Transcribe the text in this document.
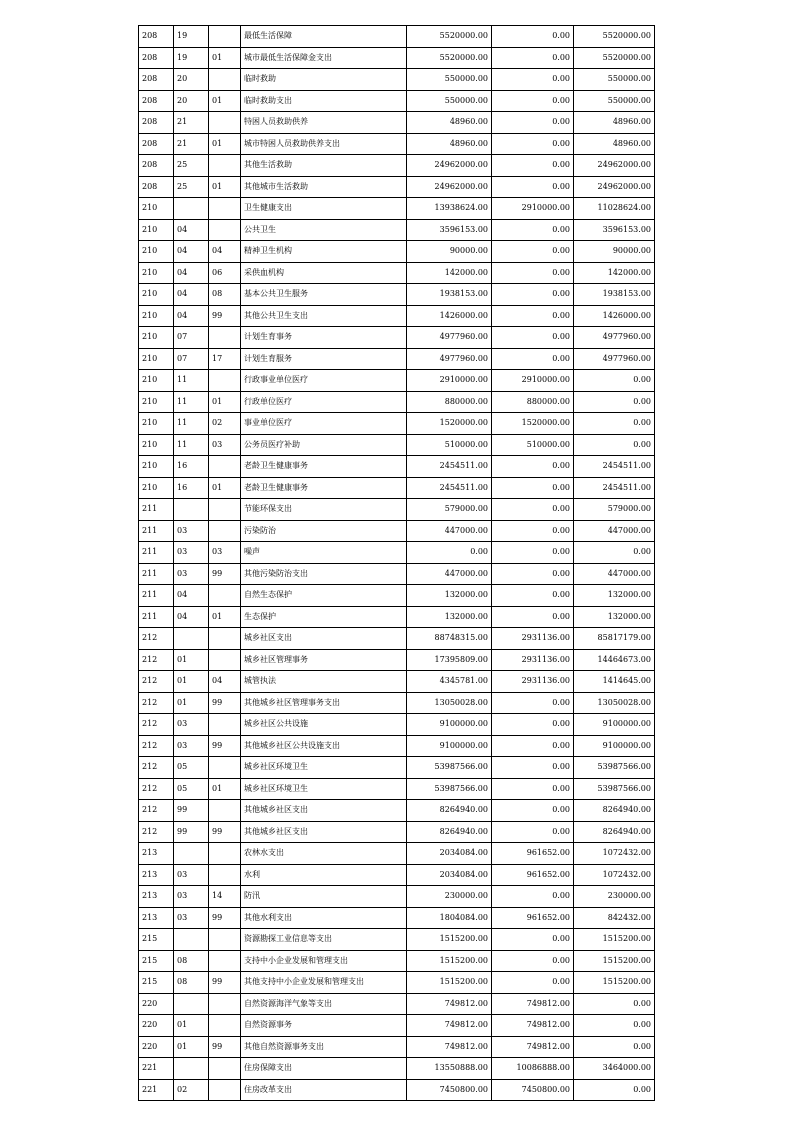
208	19		最低生活保障	5520000.00	0.00	5520000.00
208	19	01	城市最低生活保障金支出	5520000.00	0.00	5520000.00
208	20		临时救助	550000.00	0.00	550000.00
208	20	01	临时救助支出	550000.00	0.00	550000.00
208	21		特困人员救助供养	48960.00	0.00	48960.00
208	21	01	城市特困人员救助供养支出	48960.00	0.00	48960.00
208	25		其他生活救助	24962000.00	0.00	24962000.00
208	25	01	其他城市生活救助	24962000.00	0.00	24962000.00
210			卫生健康支出	13938624.00	2910000.00	11028624.00
210	04		公共卫生	3596153.00	0.00	3596153.00
210	04	04	精神卫生机构	90000.00	0.00	90000.00
210	04	06	采供血机构	142000.00	0.00	142000.00
210	04	08	基本公共卫生服务	1938153.00	0.00	1938153.00
210	04	99	其他公共卫生支出	1426000.00	0.00	1426000.00
210	07		计划生育事务	4977960.00	0.00	4977960.00
210	07	17	计划生育服务	4977960.00	0.00	4977960.00
210	11		行政事业单位医疗	2910000.00	2910000.00	0.00
210	11	01	行政单位医疗	880000.00	880000.00	0.00
210	11	02	事业单位医疗	1520000.00	1520000.00	0.00
210	11	03	公务员医疗补助	510000.00	510000.00	0.00
210	16		老龄卫生健康事务	2454511.00	0.00	2454511.00
210	16	01	老龄卫生健康事务	2454511.00	0.00	2454511.00
211			节能环保支出	579000.00	0.00	579000.00
211	03		污染防治	447000.00	0.00	447000.00
211	03	03	噪声	0.00	0.00	0.00
211	03	99	其他污染防治支出	447000.00	0.00	447000.00
211	04		自然生态保护	132000.00	0.00	132000.00
211	04	01	生态保护	132000.00	0.00	132000.00
212			城乡社区支出	88748315.00	2931136.00	85817179.00
212	01		城乡社区管理事务	17395809.00	2931136.00	14464673.00
212	01	04	城管执法	4345781.00	2931136.00	1414645.00
212	01	99	其他城乡社区管理事务支出	13050028.00	0.00	13050028.00
212	03		城乡社区公共设施	9100000.00	0.00	9100000.00
212	03	99	其他城乡社区公共设施支出	9100000.00	0.00	9100000.00
212	05		城乡社区环境卫生	53987566.00	0.00	53987566.00
212	05	01	城乡社区环境卫生	53987566.00	0.00	53987566.00
212	99		其他城乡社区支出	8264940.00	0.00	8264940.00
212	99	99	其他城乡社区支出	8264940.00	0.00	8264940.00
213			农林水支出	2034084.00	961652.00	1072432.00
213	03		水利	2034084.00	961652.00	1072432.00
213	03	14	防汛	230000.00	0.00	230000.00
213	03	99	其他水利支出	1804084.00	961652.00	842432.00
215			资源勘探工业信息等支出	1515200.00	0.00	1515200.00
215	08		支持中小企业发展和管理支出	1515200.00	0.00	1515200.00
215	08	99	其他支持中小企业发展和管理支出	1515200.00	0.00	1515200.00
220			自然资源海洋气象等支出	749812.00	749812.00	0.00
220	01		自然资源事务	749812.00	749812.00	0.00
220	01	99	其他自然资源事务支出	749812.00	749812.00	0.00
221			住房保障支出	13550888.00	10086888.00	3464000.00
221	02		住房改革支出	7450800.00	7450800.00	0.00
